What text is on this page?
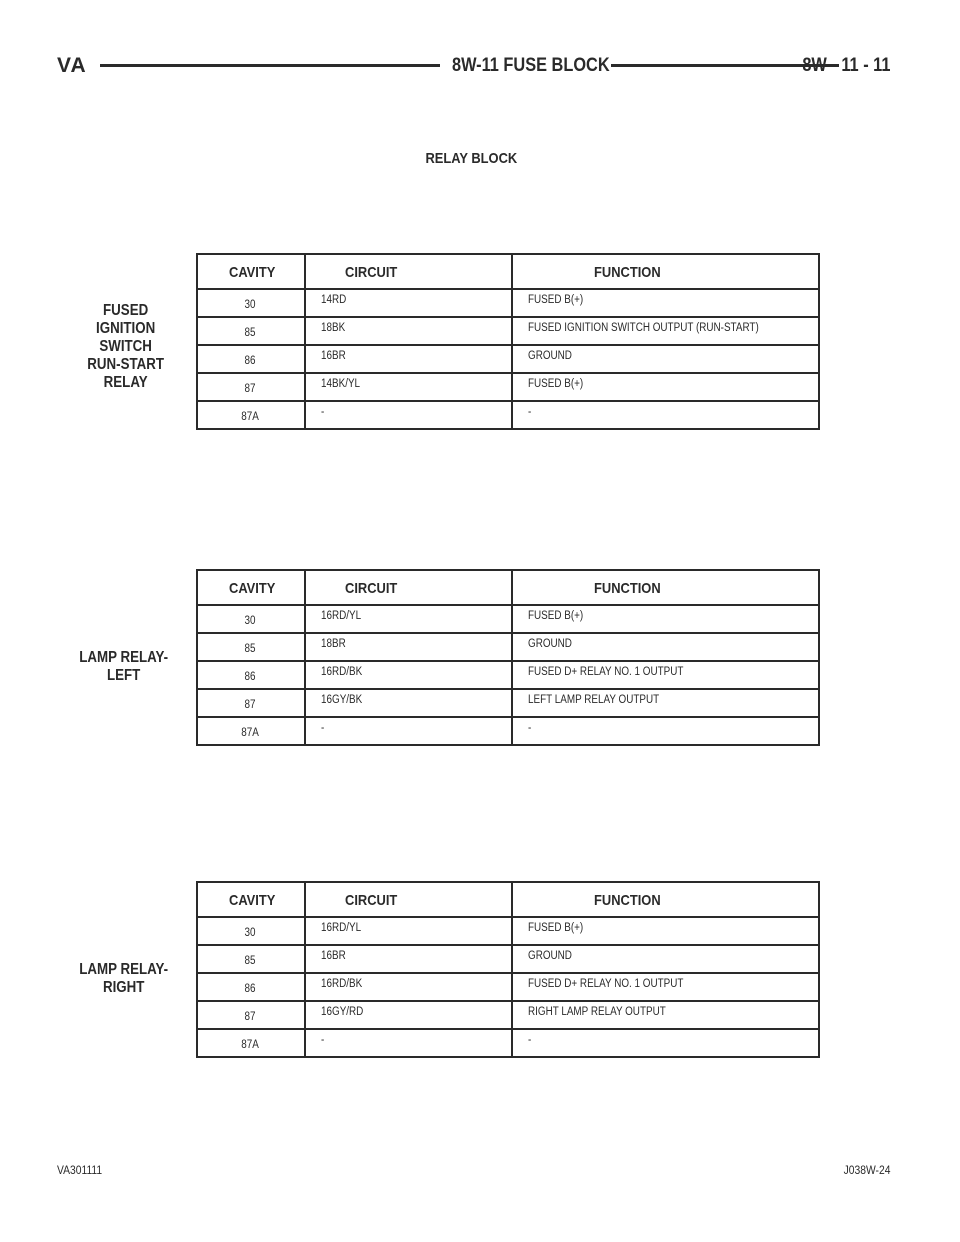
VA	8W-11 FUSE BLOCK	8W - 11 - 11
RELAY BLOCK

FUSED
IGNITION
SWITCH
RUN-START
RELAY

CAVITY	CIRCUIT	FUNCTION
30	14RD	FUSED B(+)
85	18BK	FUSED IGNITION SWITCH OUTPUT (RUN-START)
86	16BR	GROUND
87	14BK/YL	FUSED B(+)
87A	-	-

LAMP RELAY-
LEFT

CAVITY	CIRCUIT	FUNCTION
30	16RD/YL	FUSED B(+)
85	18BR	GROUND
86	16RD/BK	FUSED D+ RELAY NO. 1 OUTPUT
87	16GY/BK	LEFT LAMP RELAY OUTPUT
87A	-	-

LAMP RELAY-
RIGHT

CAVITY	CIRCUIT	FUNCTION
30	16RD/YL	FUSED B(+)
85	16BR	GROUND
86	16RD/BK	FUSED D+ RELAY NO. 1 OUTPUT
87	16GY/RD	RIGHT LAMP RELAY OUTPUT
87A	-	-
VA301111	J038W-24
